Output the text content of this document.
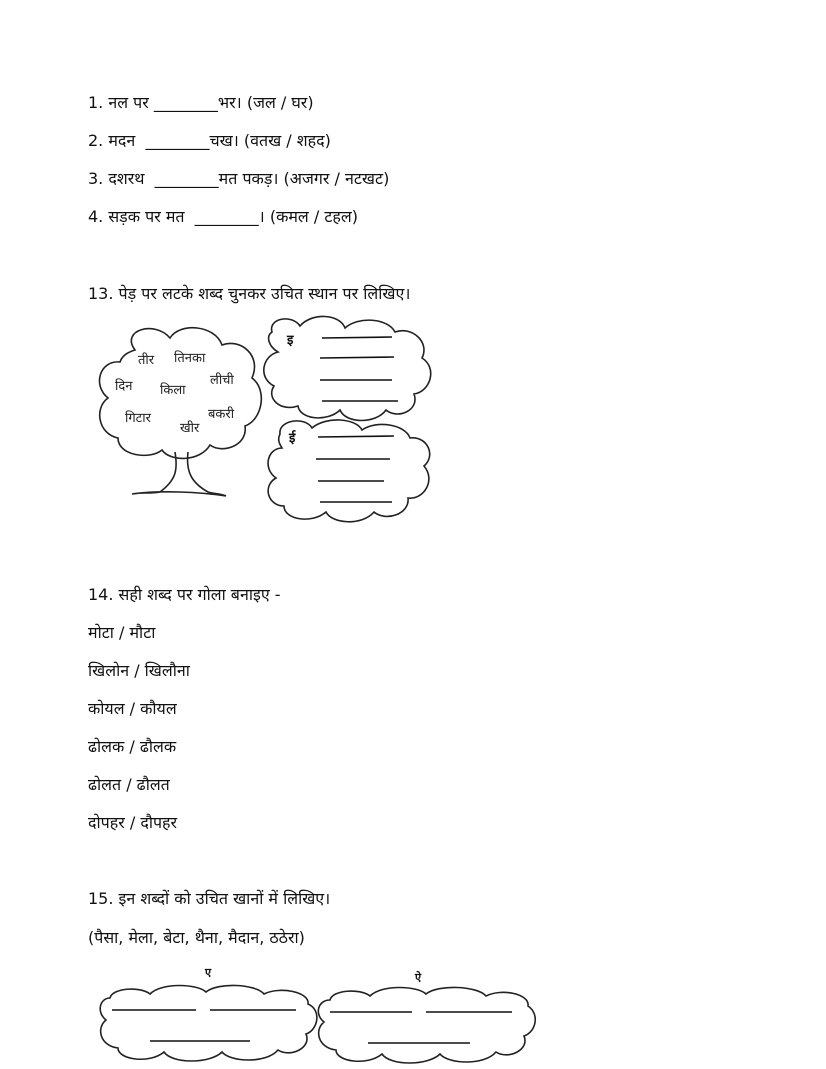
1. नल पर ________भर। (जल / घर)
2. मदन  ________चख। (वतख / शहद)
3. दशरथ  ________मत पकड़। (अजगर / नटखट)
4. सड़क पर मत  ________। (कमल / टहल)
13. पेड़ पर लटके शब्द चुनकर उचित स्थान पर लिखिए।
तीर तिनका
दिन किला
लीची
गिटार
खीर
बकरी
इ
ई
14. सही शब्द पर गोला बनाइए -
मोटा / मौटा
खिलोन / खिलौना
कोयल / कौयल
ढोलक / ढौलक
ढोलत / ढौलत
दोपहर / दौपहर
15. इन शब्दों को उचित खानों में लिखिए।
(पैसा, मेला, बेटा, थैना, मैदान, ठठेरा)
ए	ऐ
